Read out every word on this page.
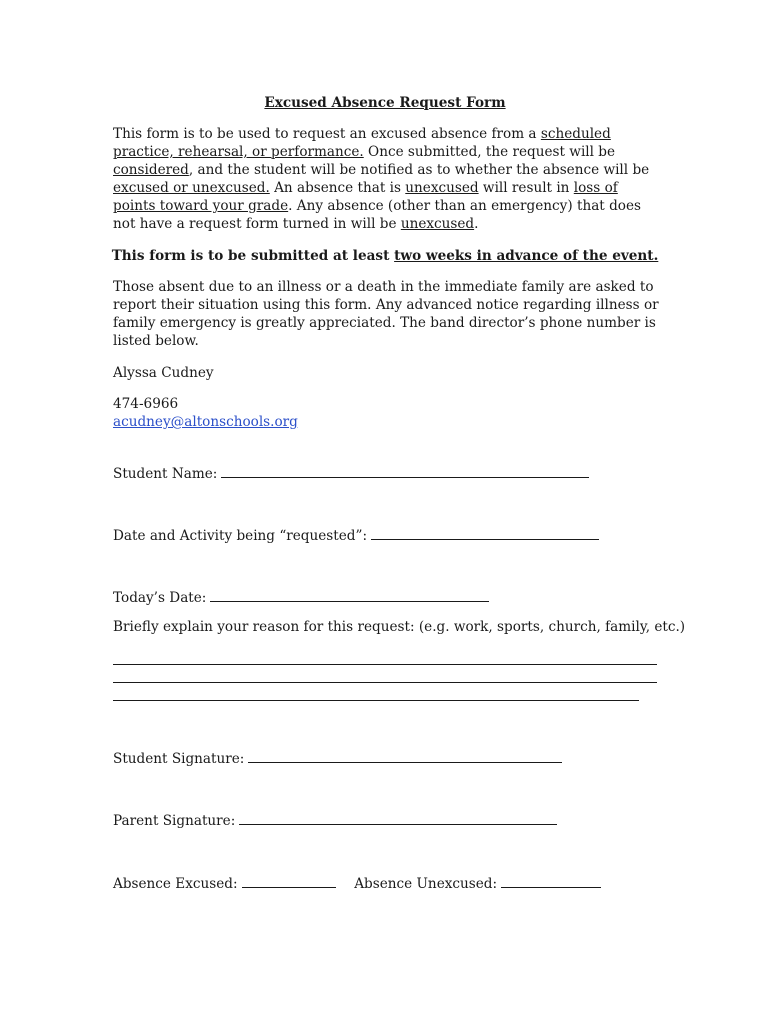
Excused Absence Request Form

This form is to be used to request an excused absence from a scheduled practice, rehearsal, or performance. Once submitted, the request will be considered, and the student will be notified as to whether the absence will be excused or unexcused. An absence that is unexcused will result in loss of points toward your grade. Any absence (other than an emergency) that does not have a request form turned in will be unexcused.

This form is to be submitted at least two weeks in advance of the event.

Those absent due to an illness or a death in the immediate family are asked to report their situation using this form. Any advanced notice regarding illness or family emergency is greatly appreciated. The band director’s phone number is listed below.

Alyssa Cudney
474-6966
acudney@altonschools.org
Student Name:
Date and Activity being “requested”:
Today’s Date:
Briefly explain your reason for this request: (e.g. work, sports, church, family, etc.)
Student Signature:
Parent Signature:
Absence Excused:	Absence Unexcused:
